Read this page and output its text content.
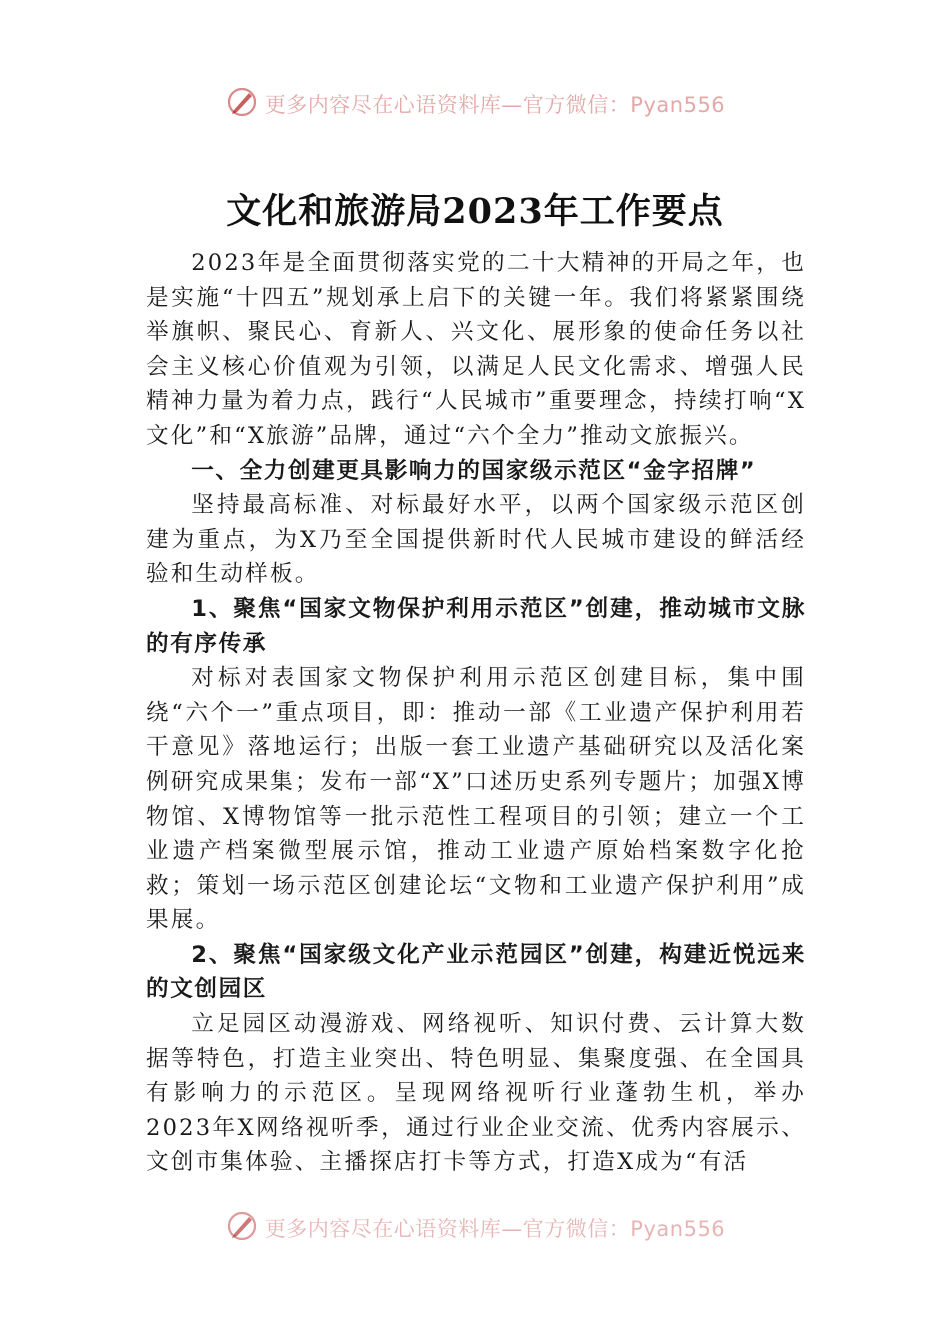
更多内容尽在心语资料库—官方微信：Pyan556
文化和旅游局2023年工作要点

2023年是全面贯彻落实党的二十大精神的开局之年，也是实施“十四五”规划承上启下的关键一年。我们将紧紧围绕举旗帜、聚民心、育新人、兴文化、展形象的使命任务以社会主义核心价值观为引领，以满足人民文化需求、增强人民精神力量为着力点，践行“人民城市”重要理念，持续打响“X文化”和“X旅游”品牌，通过“六个全力”推动文旅振兴。

一、全力创建更具影响力的国家级示范区“金字招牌”

坚持最高标准、对标最好水平，以两个国家级示范区创建为重点，为X乃至全国提供新时代人民城市建设的鲜活经验和生动样板。

1、聚焦“国家文物保护利用示范区”创建，推动城市文脉的有序传承

对标对表国家文物保护利用示范区创建目标，集中围绕“六个一”重点项目，即：推动一部《工业遗产保护利用若干意见》落地运行；出版一套工业遗产基础研究以及活化案例研究成果集；发布一部“X”口述历史系列专题片；加强X博物馆、X博物馆等一批示范性工程项目的引领；建立一个工业遗产档案微型展示馆，推动工业遗产原始档案数字化抢救；策划一场示范区创建论坛“文物和工业遗产保护利用”成果展。

2、聚焦“国家级文化产业示范园区”创建，构建近悦远来的文创园区

立足园区动漫游戏、网络视听、知识付费、云计算大数据等特色，打造主业突出、特色明显、集聚度强、在全国具有影响力的示范区。呈现网络视听行业蓬勃生机，举办2023年X网络视听季，通过行业企业交流、优秀内容展示、文创市集体验、主播探店打卡等方式，打造X成为“有活

更多内容尽在心语资料库—官方微信：Pyan556
